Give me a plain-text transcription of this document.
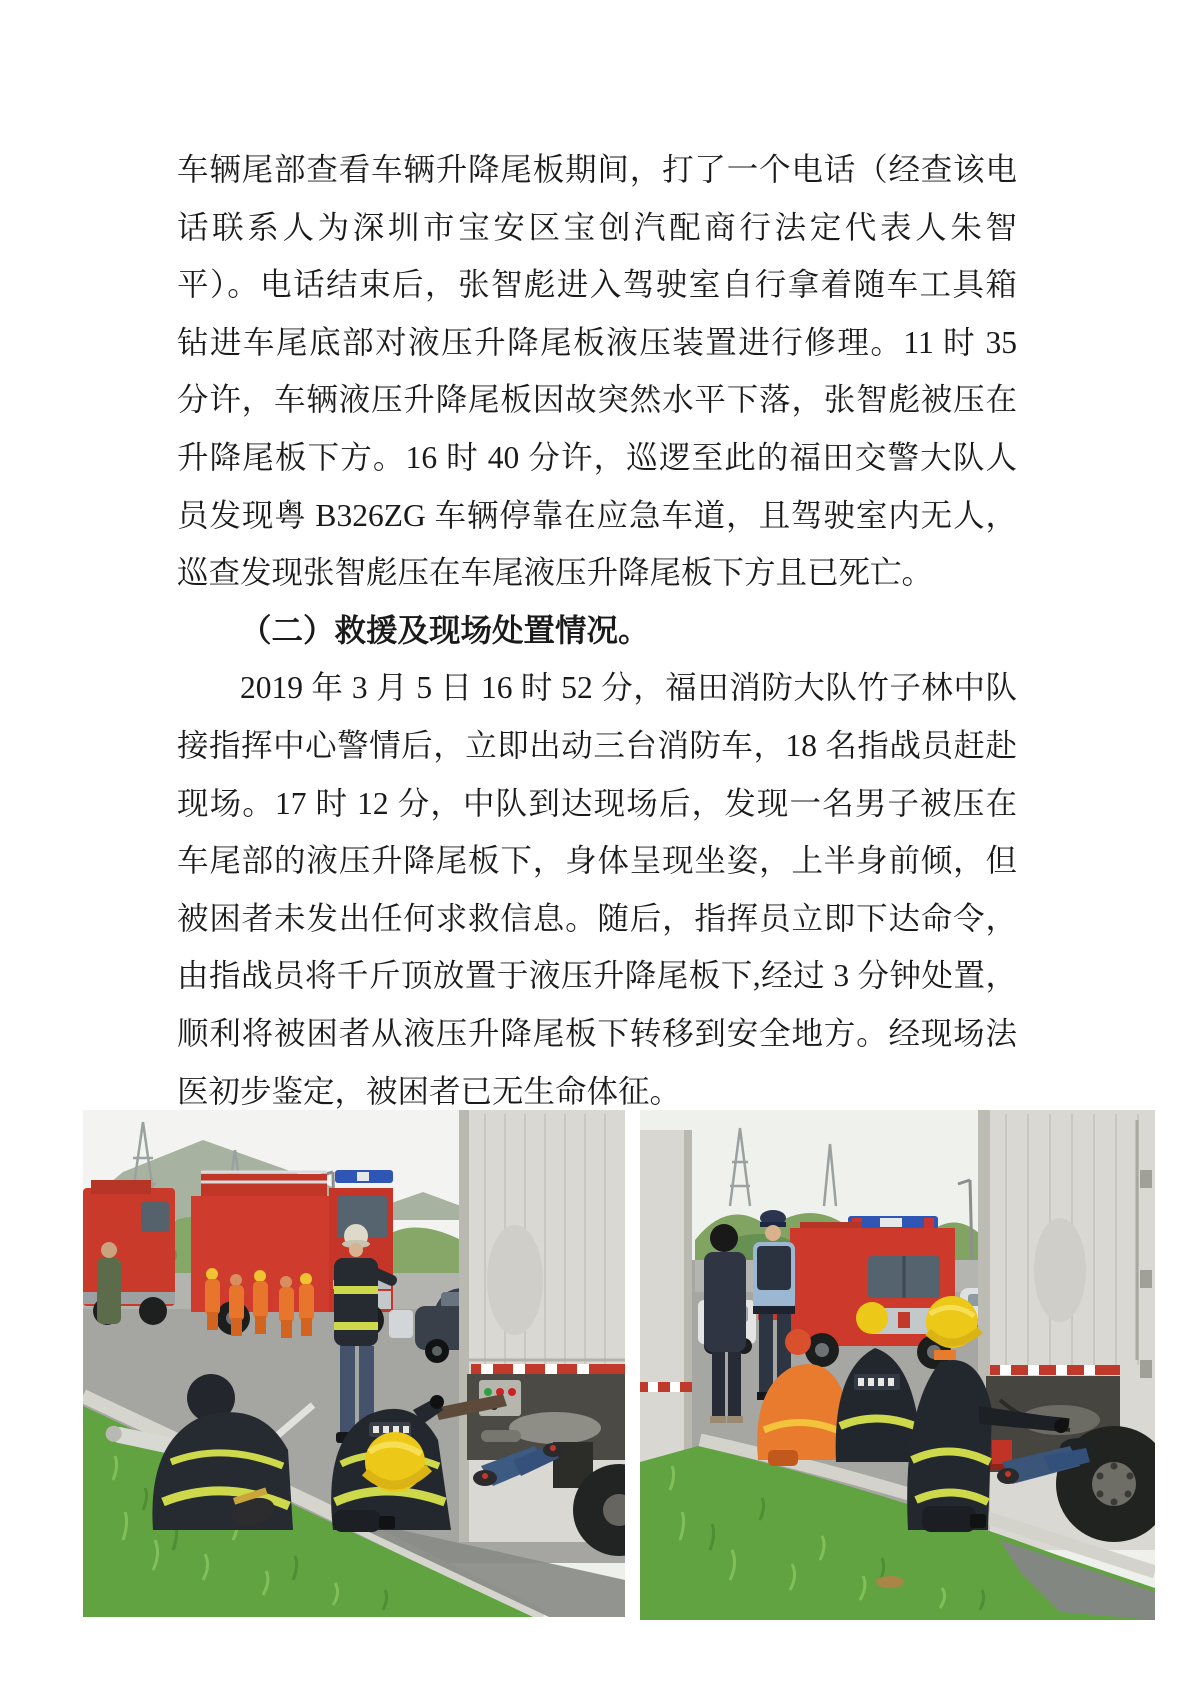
车辆尾部查看车辆升降尾板期间，打了一个电话（经查该电
话联系人为深圳市宝安区宝创汽配商行法定代表人朱智
平）。电话结束后，张智彪进入驾驶室自行拿着随车工具箱
钻进车尾底部对液压升降尾板液压装置进行修理。11 时 35
分许，车辆液压升降尾板因故突然水平下落，张智彪被压在
升降尾板下方。16 时 40 分许，巡逻至此的福田交警大队人
员发现粤 B326ZG 车辆停靠在应急车道，且驾驶室内无人，
巡查发现张智彪压在车尾液压升降尾板下方且已死亡。
（二）救援及现场处置情况。
2019 年 3 月 5 日 16 时 52 分，福田消防大队竹子林中队
接指挥中心警情后，立即出动三台消防车，18 名指战员赶赴
现场。17 时 12 分，中队到达现场后，发现一名男子被压在
车尾部的液压升降尾板下，身体呈现坐姿，上半身前倾，但
被困者未发出任何求救信息。随后，指挥员立即下达命令，
由指战员将千斤顶放置于液压升降尾板下,经过 3 分钟处置，
顺利将被困者从液压升降尾板下转移到安全地方。经现场法
医初步鉴定，被困者已无生命体征。
